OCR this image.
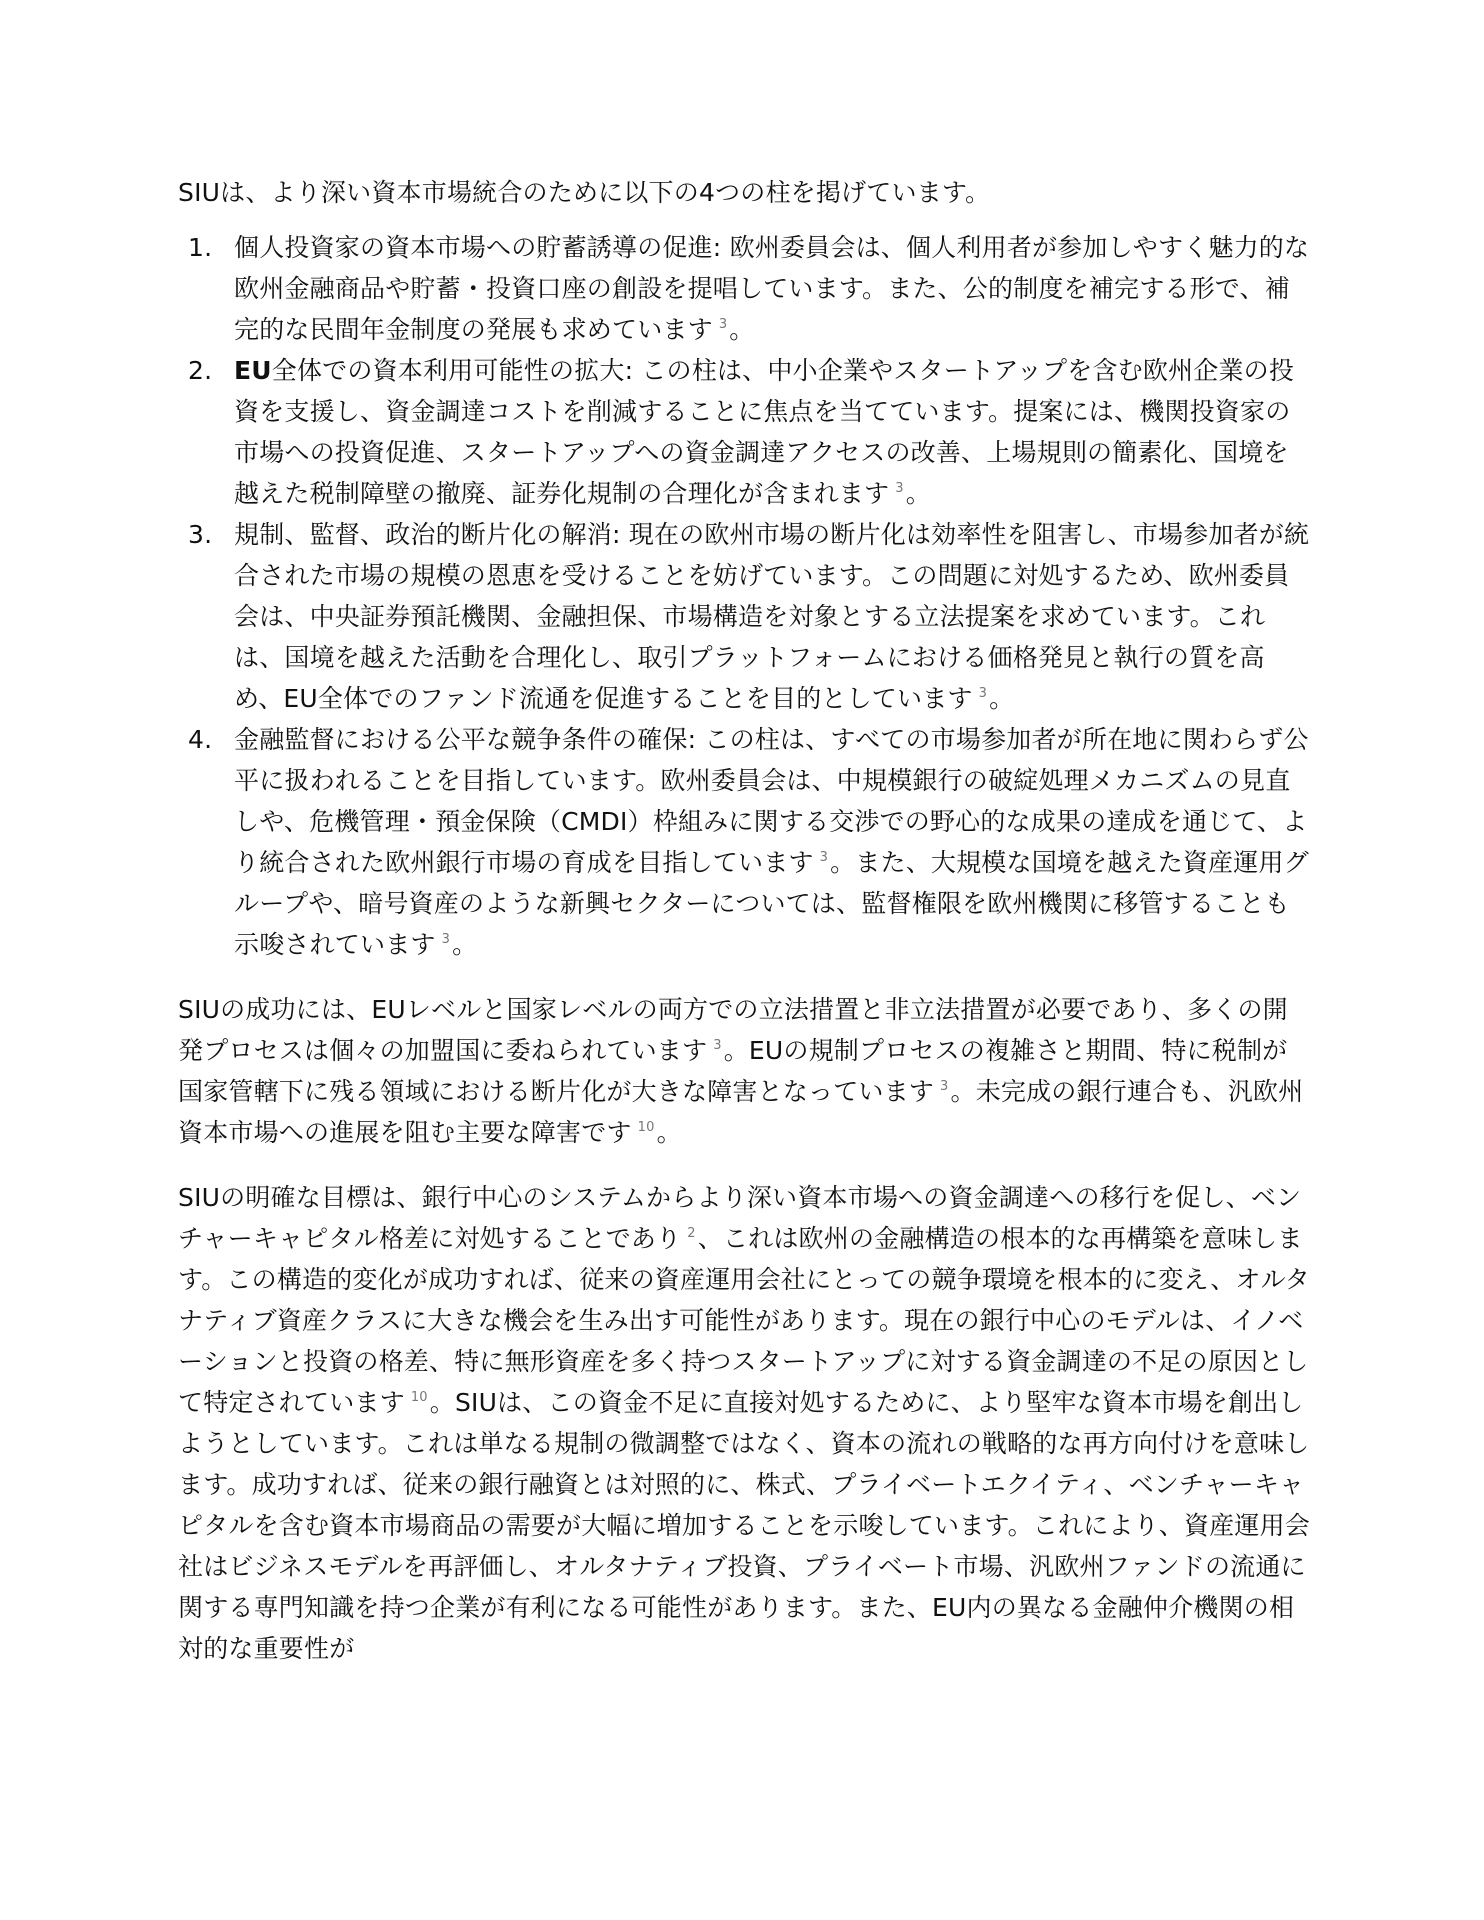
SIUは、より深い資本市場統合のために以下の4つの柱を掲げています。

1. 個人投資家の資本市場への貯蓄誘導の促進: 欧州委員会は、個人利用者が参加しやすく魅力的な欧州金融商品や貯蓄・投資口座の創設を提唱しています。また、公的制度を補完する形で、補完的な民間年金制度の発展も求めています $^3$。
2. EU全体での資本利用可能性の拡大: この柱は、中小企業やスタートアップを含む欧州企業の投資を支援し、資金調達コストを削減することに焦点を当てています。提案には、機関投資家の市場への投資促進、スタートアップへの資金調達アクセスの改善、上場規則の簡素化、国境を越えた税制障壁の撤廃、証券化規制の合理化が含まれます $^3$。
3. 規制、監督、政治的断片化の解消: 現在の欧州市場の断片化は効率性を阻害し、市場参加者が統合された市場の規模の恩恵を受けることを妨げています。この問題に対処するため、欧州委員会は、中央証券預託機関、金融担保、市場構造を対象とする立法提案を求めています。これは、国境を越えた活動を合理化し、取引プラットフォームにおける価格発見と執行の質を高め、EU全体でのファンド流通を促進することを目的としています $^3$。
4. 金融監督における公平な競争条件の確保: この柱は、すべての市場参加者が所在地に関わらず公平に扱われることを目指しています。欧州委員会は、中規模銀行の破綻処理メカニズムの見直しや、危機管理・預金保険（CMDI）枠組みに関する交渉での野心的な成果の達成を通じて、より統合された欧州銀行市場の育成を目指しています $^3$。また、大規模な国境を越えた資産運用グループや、暗号資産のような新興セクターについては、監督権限を欧州機関に移管することも示唆されています $^3$。

SIUの成功には、EUレベルと国家レベルの両方での立法措置と非立法措置が必要であり、多くの開発プロセスは個々の加盟国に委ねられています $^3$。EUの規制プロセスの複雑さと期間、特に税制が国家管轄下に残る領域における断片化が大きな障害となっています $^3$。未完成の銀行連合も、汎欧州資本市場への進展を阻む主要な障害です $^{10}$。

SIUの明確な目標は、銀行中心のシステムからより深い資本市場への資金調達への移行を促し、ベンチャーキャピタル格差に対処することであり $^2$、これは欧州の金融構造の根本的な再構築を意味します。この構造的変化が成功すれば、従来の資産運用会社にとっての競争環境を根本的に変え、オルタナティブ資産クラスに大きな機会を生み出す可能性があります。現在の銀行中心のモデルは、イノベーションと投資の格差、特に無形資産を多く持つスタートアップに対する資金調達の不足の原因として特定されています $^{10}$。SIUは、この資金不足に直接対処するために、より堅牢な資本市場を創出しようとしています。これは単なる規制の微調整ではなく、資本の流れの戦略的な再方向付けを意味します。成功すれば、従来の銀行融資とは対照的に、株式、プライベートエクイティ、ベンチャーキャピタルを含む資本市場商品の需要が大幅に増加することを示唆しています。これにより、資産運用会社はビジネスモデルを再評価し、オルタナティブ投資、プライベート市場、汎欧州ファンドの流通に関する専門知識を持つ企業が有利になる可能性があります。また、EU内の異なる金融仲介機関の相対的な重要性が
